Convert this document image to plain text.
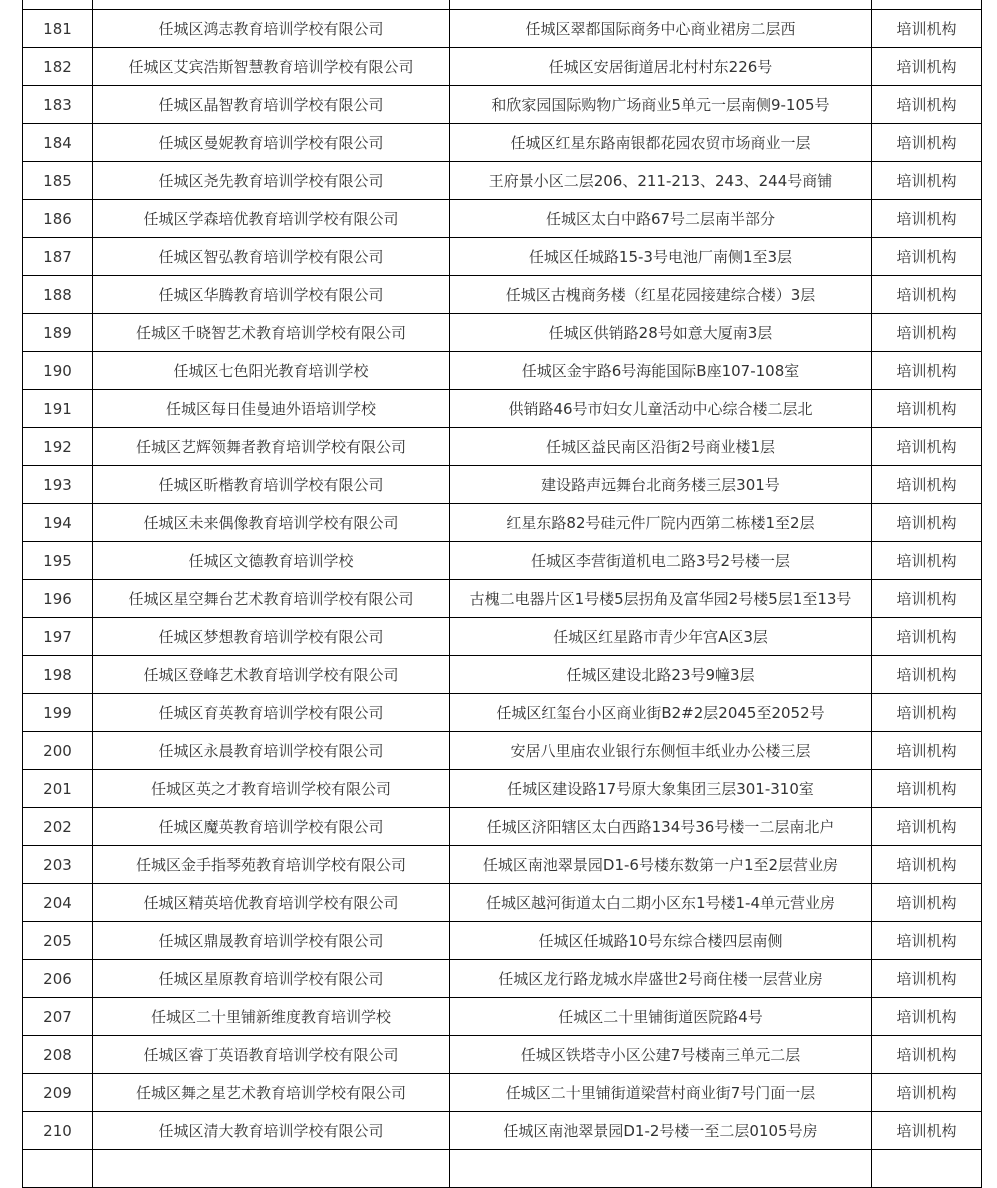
181	任城区鸿志教育培训学校有限公司	任城区翠都国际商务中心商业裙房二层西	培训机构
182	任城区艾宾浩斯智慧教育培训学校有限公司	任城区安居街道居北村村东226号	培训机构
183	任城区晶智教育培训学校有限公司	和欣家园国际购物广场商业5单元一层南侧9-105号	培训机构
184	任城区曼妮教育培训学校有限公司	任城区红星东路南银都花园农贸市场商业一层	培训机构
185	任城区尧先教育培训学校有限公司	王府景小区二层206、211-213、243、244号商铺	培训机构
186	任城区学森培优教育培训学校有限公司	任城区太白中路67号二层南半部分	培训机构
187	任城区智弘教育培训学校有限公司	任城区任城路15-3号电池厂南侧1至3层	培训机构
188	任城区华腾教育培训学校有限公司	任城区古槐商务楼（红星花园接建综合楼）3层	培训机构
189	任城区千晓智艺术教育培训学校有限公司	任城区供销路28号如意大厦南3层	培训机构
190	任城区七色阳光教育培训学校	任城区金宇路6号海能国际B座107-108室	培训机构
191	任城区每日佳曼迪外语培训学校	供销路46号市妇女儿童活动中心综合楼二层北	培训机构
192	任城区艺辉领舞者教育培训学校有限公司	任城区益民南区沿街2号商业楼1层	培训机构
193	任城区昕楷教育培训学校有限公司	建设路声远舞台北商务楼三层301号	培训机构
194	任城区未来偶像教育培训学校有限公司	红星东路82号硅元件厂院内西第二栋楼1至2层	培训机构
195	任城区文德教育培训学校	任城区李营街道机电二路3号2号楼一层	培训机构
196	任城区星空舞台艺术教育培训学校有限公司	古槐二电器片区1号楼5层拐角及富华园2号楼5层1至13号	培训机构
197	任城区梦想教育培训学校有限公司	任城区红星路市青少年宫A区3层	培训机构
198	任城区登峰艺术教育培训学校有限公司	任城区建设北路23号9幢3层	培训机构
199	任城区育英教育培训学校有限公司	任城区红玺台小区商业街B2#2层2045至2052号	培训机构
200	任城区永晨教育培训学校有限公司	安居八里庙农业银行东侧恒丰纸业办公楼三层	培训机构
201	任城区英之才教育培训学校有限公司	任城区建设路17号原大象集团三层301-310室	培训机构
202	任城区魔英教育培训学校有限公司	任城区济阳辖区太白西路134号36号楼一二层南北户	培训机构
203	任城区金手指琴苑教育培训学校有限公司	任城区南池翠景园D1-6号楼东数第一户1至2层营业房	培训机构
204	任城区精英培优教育培训学校有限公司	任城区越河街道太白二期小区东1号楼1-4单元营业房	培训机构
205	任城区鼎晟教育培训学校有限公司	任城区任城路10号东综合楼四层南侧	培训机构
206	任城区星原教育培训学校有限公司	任城区龙行路龙城水岸盛世2号商住楼一层营业房	培训机构
207	任城区二十里铺新维度教育培训学校	任城区二十里铺街道医院路4号	培训机构
208	任城区睿丁英语教育培训学校有限公司	任城区铁塔寺小区公建7号楼南三单元二层	培训机构
209	任城区舞之星艺术教育培训学校有限公司	任城区二十里铺街道梁营村商业街7号门面一层	培训机构
210	任城区清大教育培训学校有限公司	任城区南池翠景园D1-2号楼一至二层0105号房	培训机构
